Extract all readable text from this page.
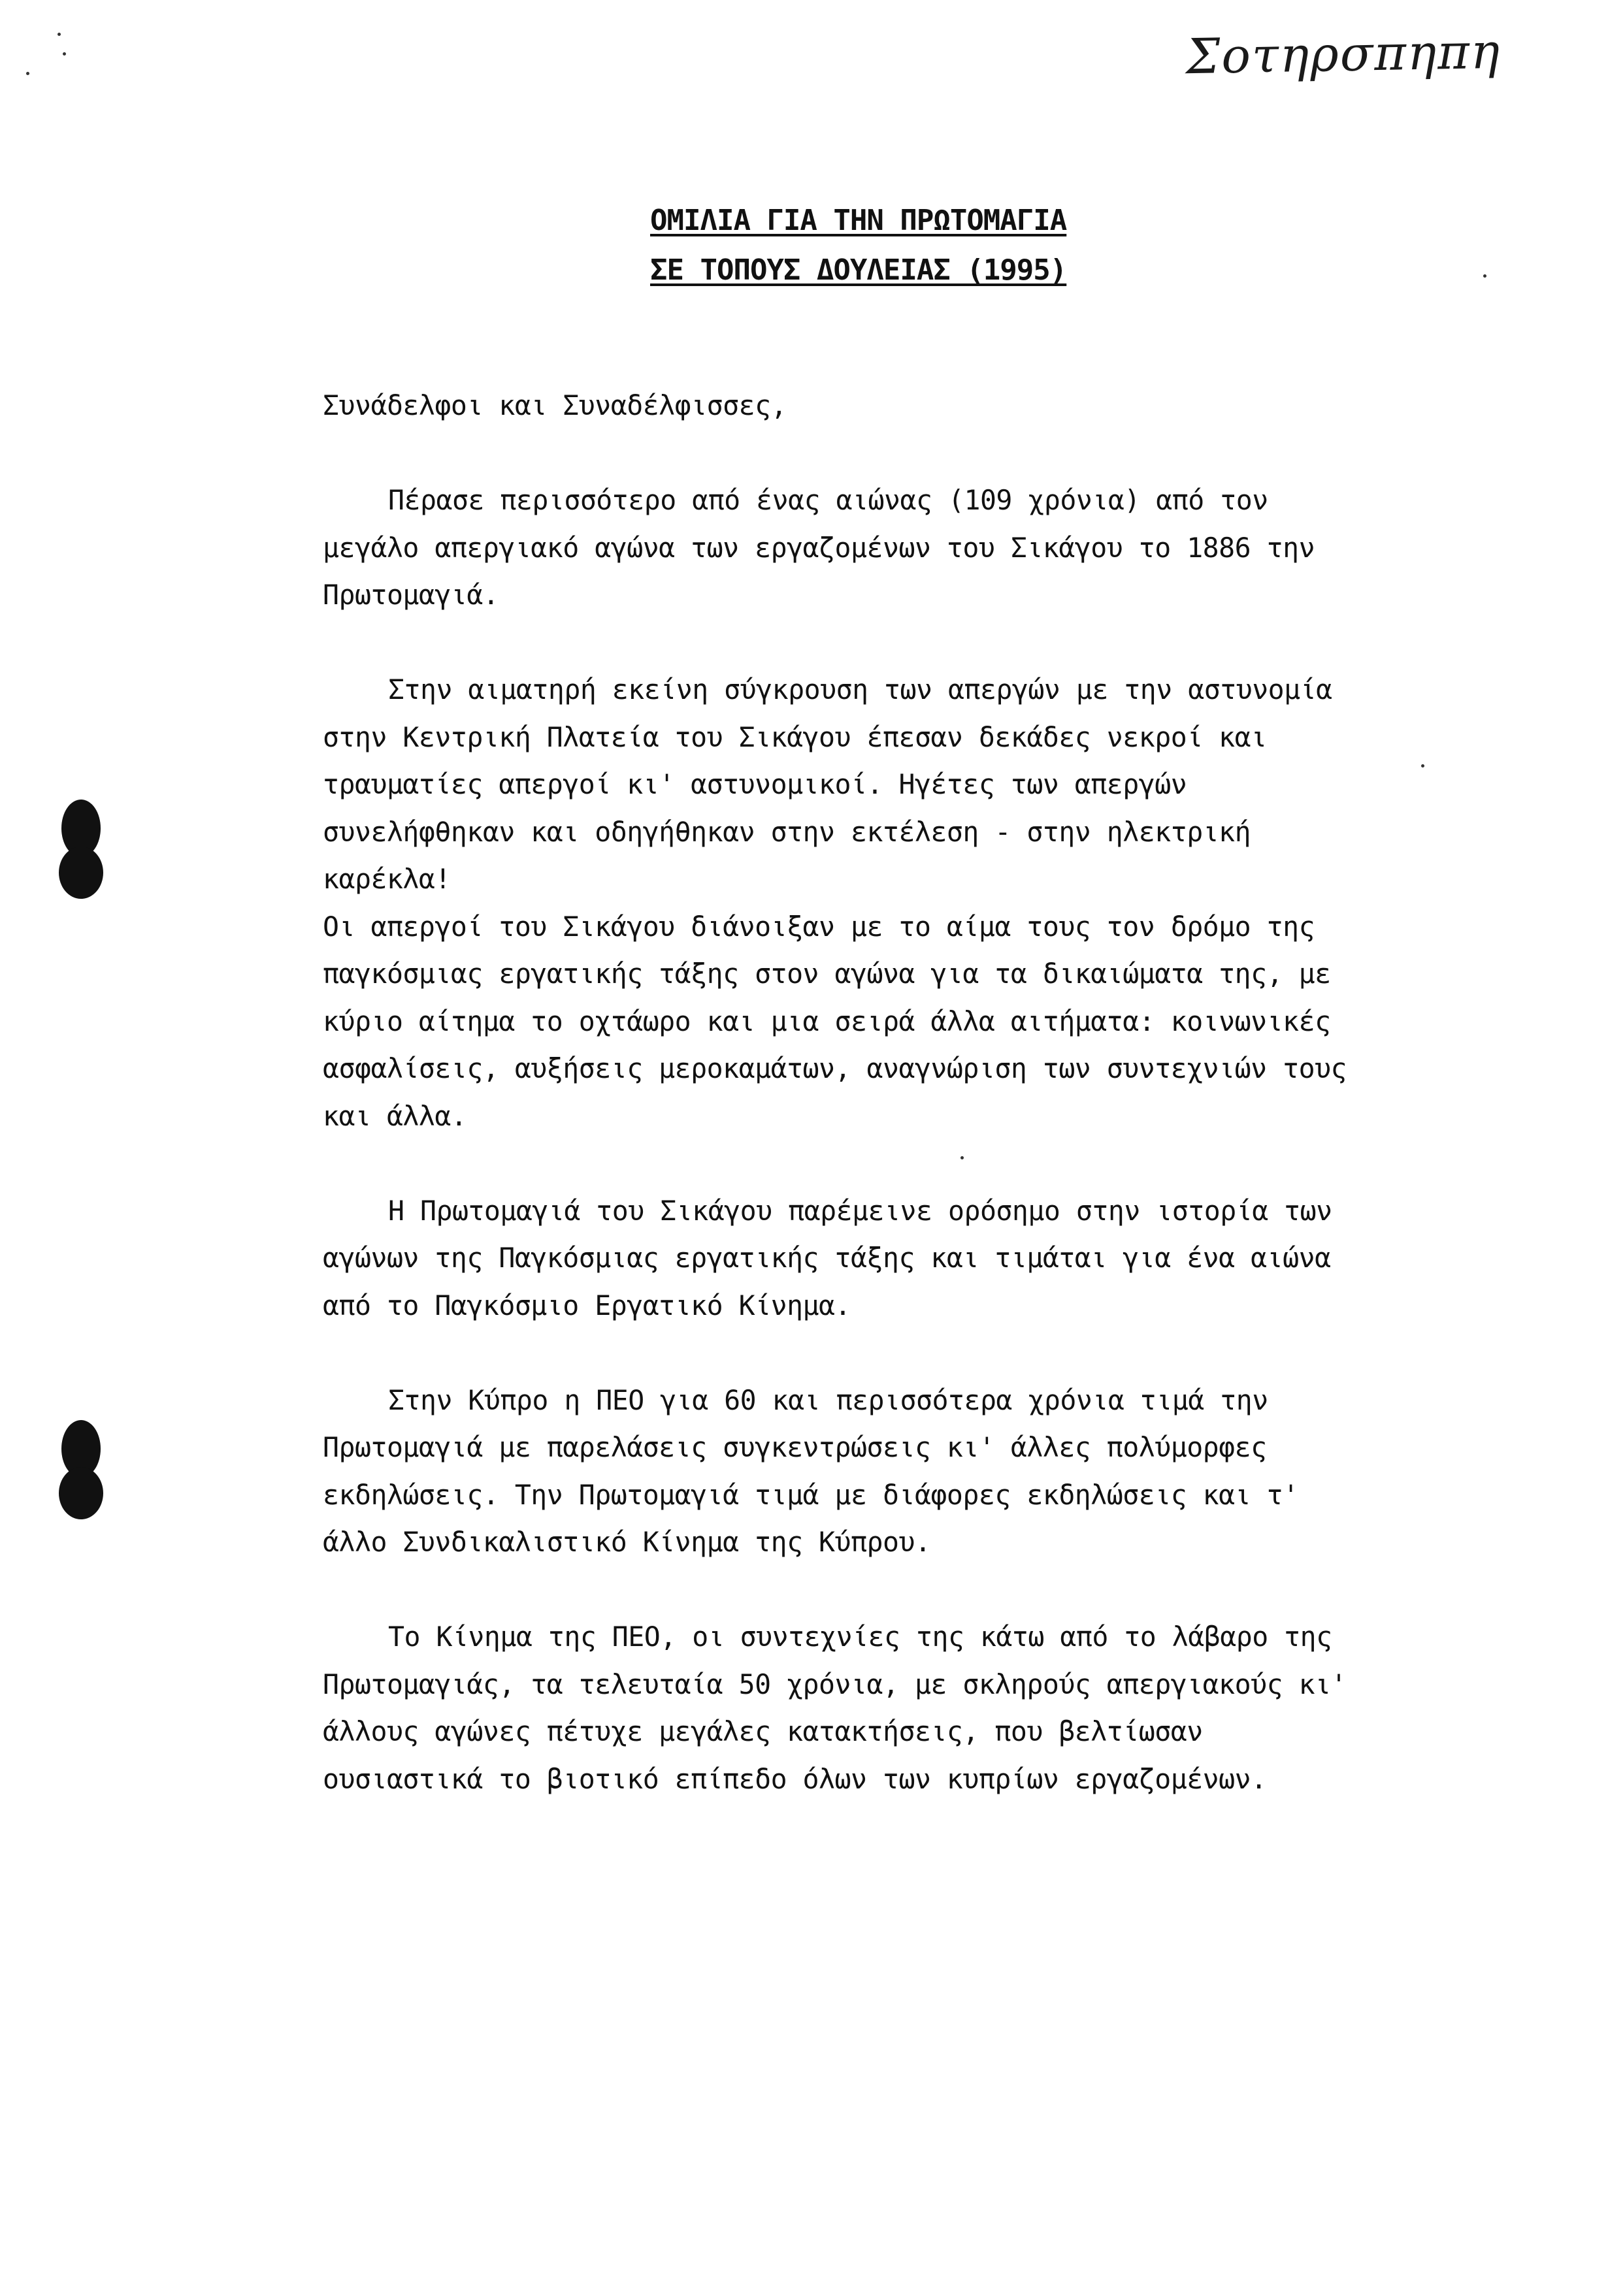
Σοτηρσπηπη
ΟΜΙΛΙΑ ΓΙΑ ΤΗΝ ΠΡΩΤΟΜΑΓΙΑ
ΣΕ ΤΟΠΟΥΣ ΔΟΥΛΕΙΑΣ (1995)
Συνάδελφοι και Συναδέλφισσες,
Πέρασε περισσότερο από ένας αιώνας (109 χρόνια) από τον
μεγάλο απεργιακό αγώνα των εργαζομένων του Σικάγου το 1886 την
Πρωτομαγιά.
Στην αιματηρή εκείνη σύγκρουση των απεργών με την αστυνομία
στην Κεντρική Πλατεία του Σικάγου έπεσαν δεκάδες νεκροί και
τραυματίες απεργοί κι' αστυνομικοί. Ηγέτες των απεργών
συνελήφθηκαν και οδηγήθηκαν στην εκτέλεση - στην ηλεκτρική
καρέκλα!
Οι απεργοί του Σικάγου διάνοιξαν με το αίμα τους τον δρόμο της
παγκόσμιας εργατικής τάξης στον αγώνα για τα δικαιώματα της, με
κύριο αίτημα το οχτάωρο και μια σειρά άλλα αιτήματα: κοινωνικές
ασφαλίσεις, αυξήσεις μεροκαμάτων, αναγνώριση των συντεχνιών τους
και άλλα.
Η Πρωτομαγιά του Σικάγου παρέμεινε ορόσημο στην ιστορία των
αγώνων της Παγκόσμιας εργατικής τάξης και τιμάται για ένα αιώνα
από το Παγκόσμιο Εργατικό Κίνημα.
Στην Κύπρο η ΠΕΟ για 60 και περισσότερα χρόνια τιμά την
Πρωτομαγιά με παρελάσεις συγκεντρώσεις κι' άλλες πολύμορφες
εκδηλώσεις. Την Πρωτομαγιά τιμά με διάφορες εκδηλώσεις και τ'
άλλο Συνδικαλιστικό Κίνημα της Κύπρου.
Το Κίνημα της ΠΕΟ, οι συντεχνίες της κάτω από το λάβαρο της
Πρωτομαγιάς, τα τελευταία 50 χρόνια, με σκληρούς απεργιακούς κι'
άλλους αγώνες πέτυχε μεγάλες κατακτήσεις, που βελτίωσαν
ουσιαστικά το βιοτικό επίπεδο όλων των κυπρίων εργαζομένων.
